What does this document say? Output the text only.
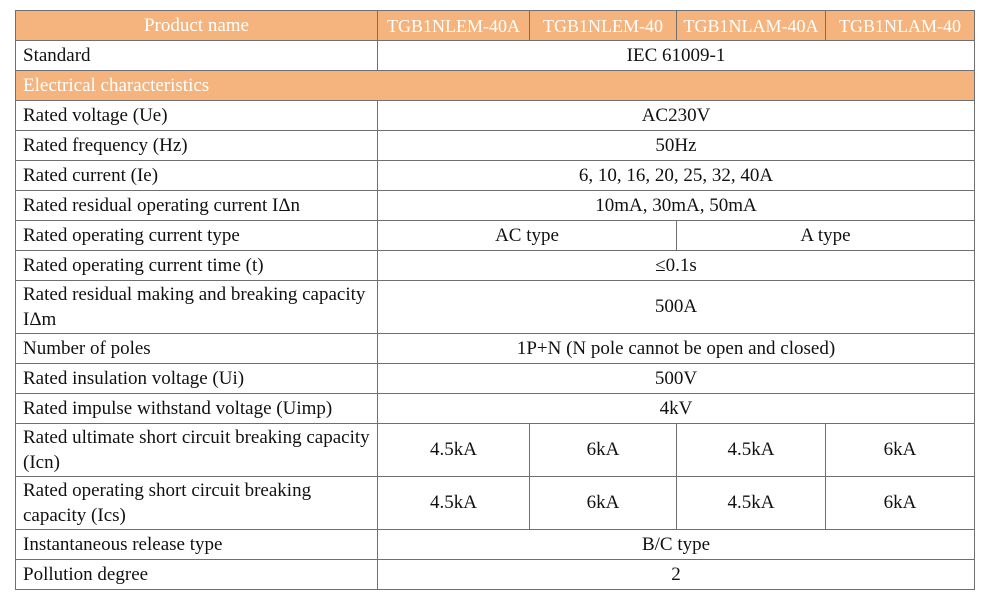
Product name	TGB1NLEM-40A	TGB1NLEM-40	TGB1NLAM-40A	TGB1NLAM-40
Standard	IEC 61009-1			
Electrical characteristics				
Rated voltage (Ue)	AC230V			
Rated frequency (Hz)	50Hz			
Rated current (Ie)	6, 10, 16, 20, 25, 32, 40A			
Rated residual operating current IΔn	10mA, 30mA, 50mA			
Rated operating current type	AC type		A type	
Rated operating current time (t)	≤0.1s			
Rated residual making and breaking capacity IΔm	500A			
Number of poles	1P+N (N pole cannot be open and closed)			
Rated insulation voltage (Ui)	500V			
Rated impulse withstand voltage (Uimp)	4kV			
Rated ultimate short circuit breaking capacity (Icn)	4.5kA	6kA	4.5kA	6kA
Rated operating short circuit breaking capacity (Ics)	4.5kA	6kA	4.5kA	6kA
Instantaneous release type	B/C type			
Pollution degree	2			
